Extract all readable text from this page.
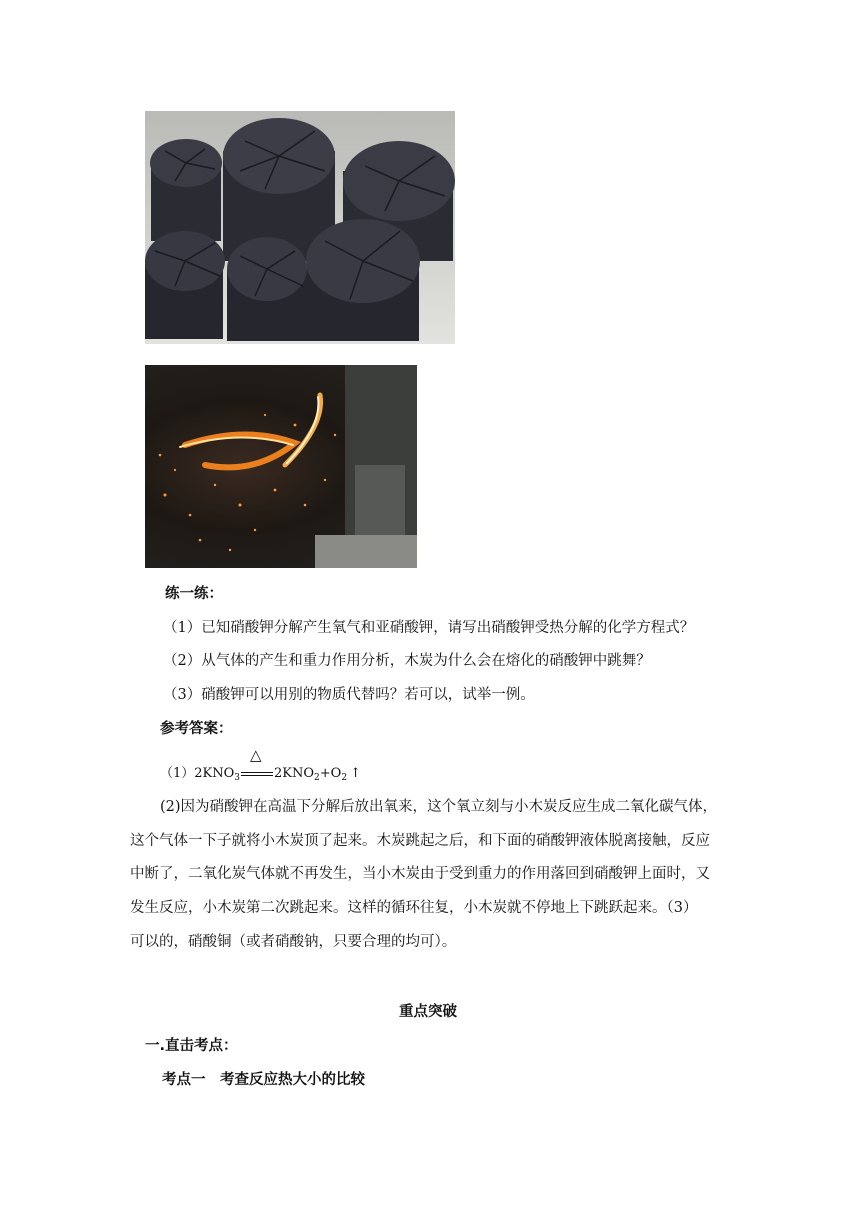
练一练：
（1）已知硝酸钾分解产生氧气和亚硝酸钾，请写出硝酸钾受热分解的化学方程式？
（2）从气体的产生和重力作用分析，木炭为什么会在熔化的硝酸钾中跳舞？
（3）硝酸钾可以用别的物质代替吗？若可以，试举一例。
参考答案：
$(1)2KNO_3$
△
$2KNO_2+O_2$ ↑
(2)因为硝酸钾在高温下分解后放出氧来，这个氧立刻与小木炭反应生成二氧化碳气体，
这个气体一下子就将小木炭顶了起来。木炭跳起之后，和下面的硝酸钾液体脱离接触，反应
中断了，二氧化炭气体就不再发生，当小木炭由于受到重力的作用落回到硝酸钾上面时，又
发生反应，小木炭第二次跳起来。这样的循环往复，小木炭就不停地上下跳跃起来。（3）
可以的，硝酸铜（或者硝酸钠，只要合理的均可）。
重点突破
一.直击考点：
考点一　考查反应热大小的比较
